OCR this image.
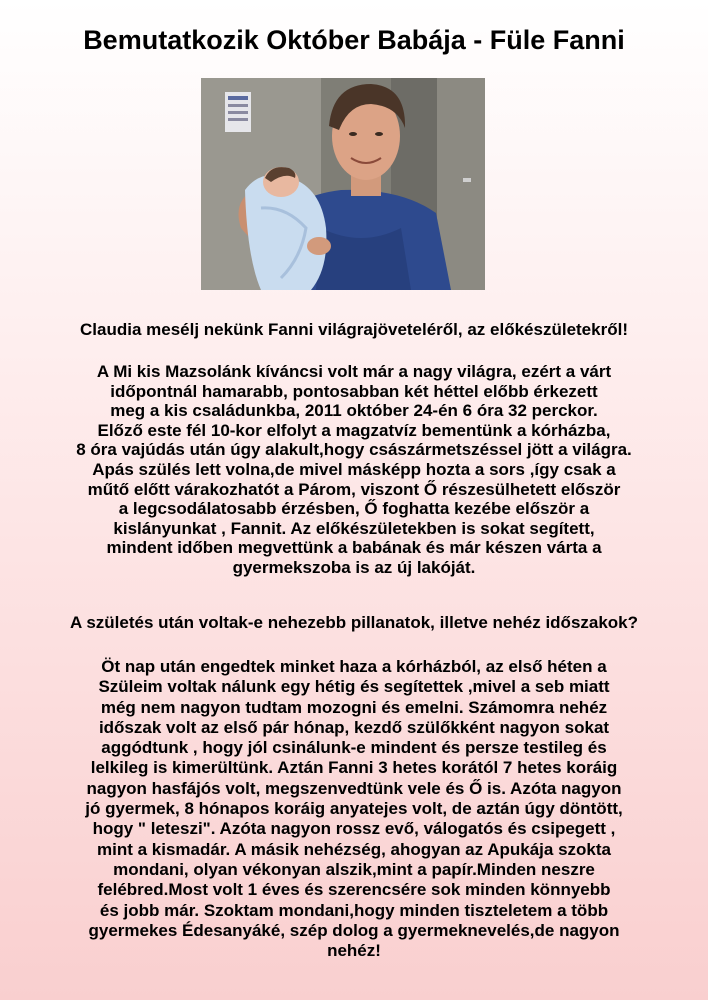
Bemutatkozik Október Babája - Füle Fanni
Claudia mesélj nekünk Fanni világrajöveteléről, az előkészületekről!
A Mi kis Mazsolánk kíváncsi volt már a nagy világra, ezért a várt
időpontnál hamarabb, pontosabban két héttel előbb érkezett
meg a kis családunkba, 2011 október 24-én 6 óra 32 perckor.
Előző este fél 10-kor elfolyt a magzatvíz bementünk a kórházba,
8 óra vajúdás után úgy alakult,hogy császármetszéssel jött a világra.
Apás szülés lett volna,de mivel másképp hozta a sors ,így csak a
műtő előtt várakozhatót a Párom, viszont Ő részesülhetett először
a legcsodálatosabb érzésben, Ő foghatta kezébe először a
kislányunkat , Fannit. Az előkészületekben is sokat segített,
mindent időben megvettünk a babának és már készen várta a
gyermekszoba is az új lakóját.
A születés után voltak-e nehezebb pillanatok, illetve nehéz időszakok?
Öt nap után engedtek minket haza a kórházból, az első héten a
Szüleim voltak nálunk egy hétig és segítettek ,mivel a seb miatt
még nem nagyon tudtam mozogni és emelni. Számomra nehéz
időszak volt az első pár hónap, kezdő szülőkként nagyon sokat
aggódtunk , hogy jól csinálunk-e mindent és persze testileg és
lelkileg is kimerültünk. Aztán Fanni 3 hetes korától 7 hetes koráig
nagyon hasfájós volt, megszenvedtünk vele és Ő is. Azóta nagyon
jó gyermek, 8 hónapos koráig anyatejes volt, de aztán úgy döntött,
hogy " leteszi". Azóta nagyon rossz evő, válogatós és csipegett ,
mint a kismadár. A másik nehézség, ahogyan az Apukája szokta
mondani, olyan vékonyan alszik,mint a papír.Minden neszre
felébred.Most volt 1 éves és szerencsére sok minden könnyebb
és jobb már. Szoktam mondani,hogy minden tiszteletem a több
gyermekes Édesanyáké, szép dolog a gyermeknevelés,de nagyon
nehéz!
